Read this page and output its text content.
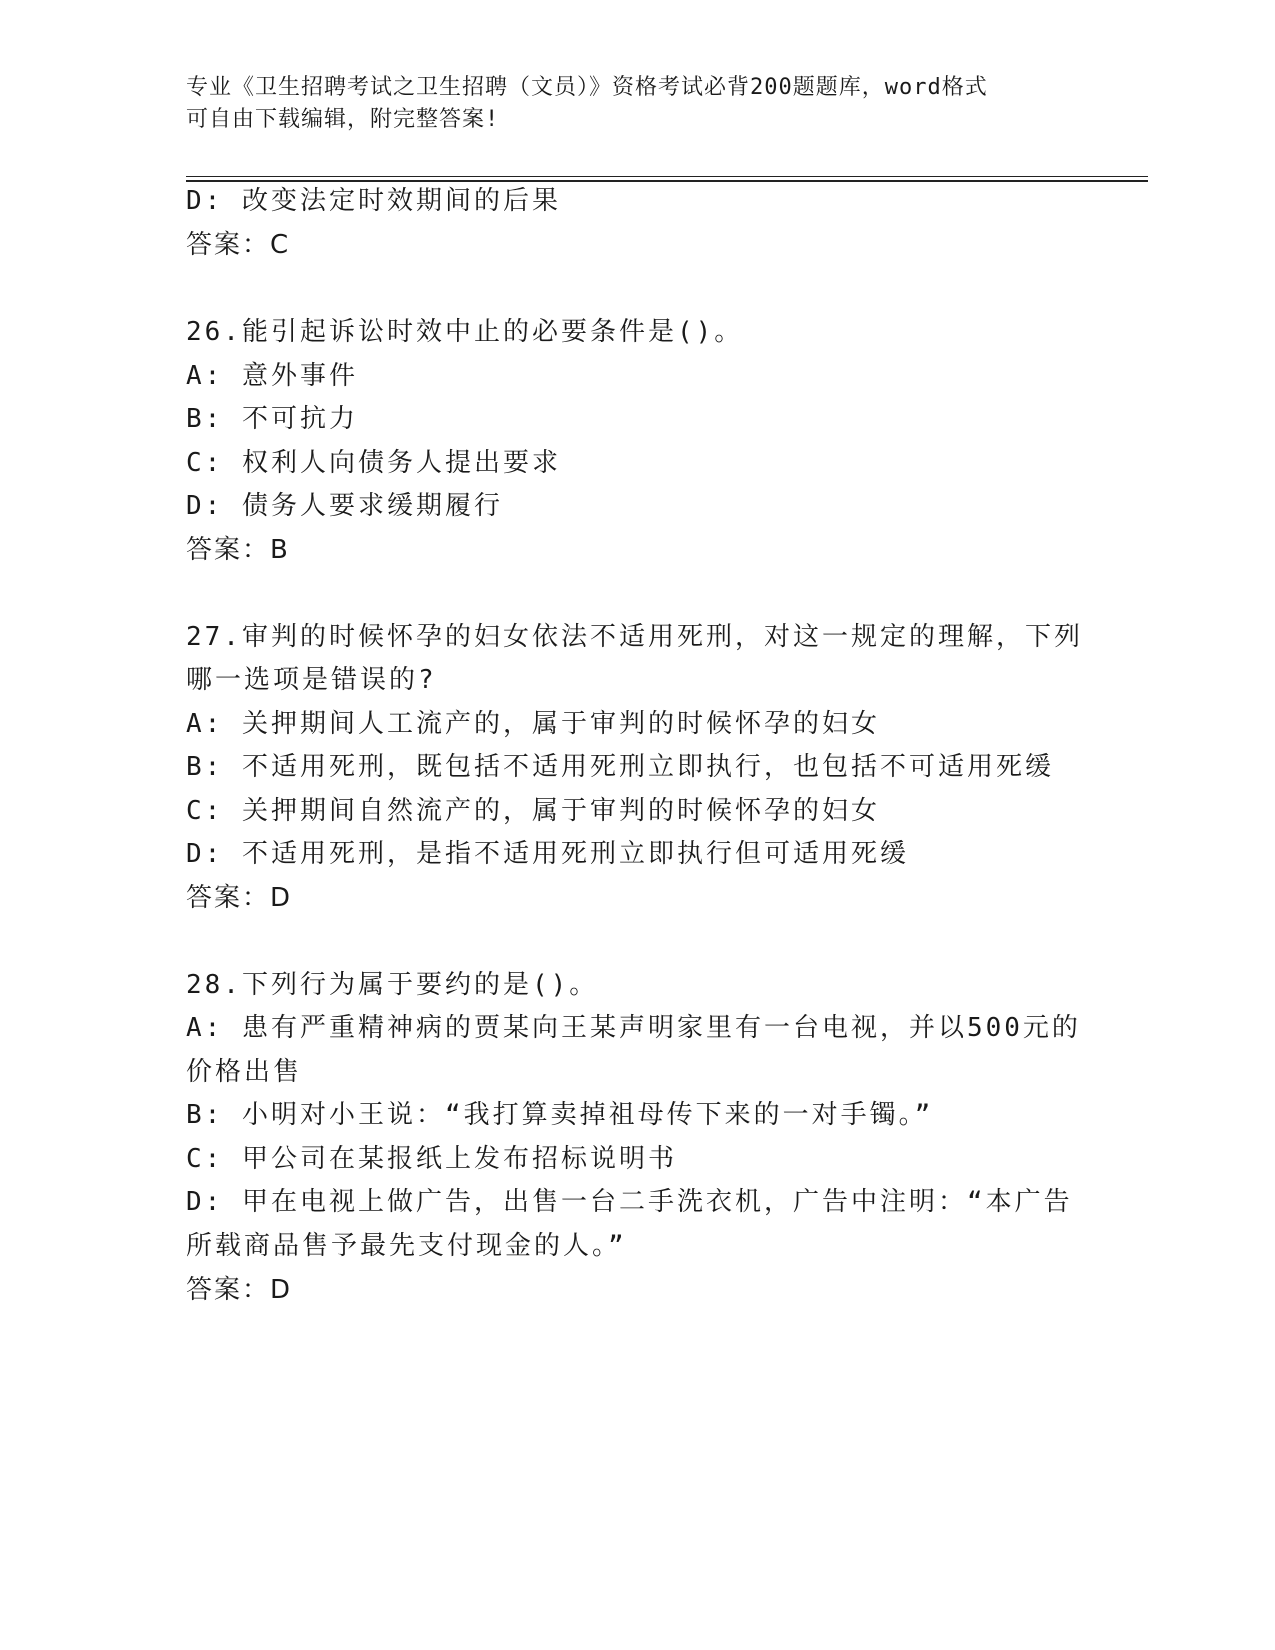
专业《卫生招聘考试之卫生招聘（文员）》资格考试必背200题题库，word格式
可自由下载编辑，附完整答案!
D: 改变法定时效期间的后果
答案：C
26.能引起诉讼时效中止的必要条件是()。
A: 意外事件
B: 不可抗力
C: 权利人向债务人提出要求
D: 债务人要求缓期履行
答案：B
27.审判的时候怀孕的妇女依法不适用死刑，对这一规定的理解，下列
哪一选项是错误的?
A: 关押期间人工流产的，属于审判的时候怀孕的妇女
B: 不适用死刑，既包括不适用死刑立即执行，也包括不可适用死缓
C: 关押期间自然流产的，属于审判的时候怀孕的妇女
D: 不适用死刑，是指不适用死刑立即执行但可适用死缓
答案：D
28.下列行为属于要约的是()。
A: 患有严重精神病的贾某向王某声明家里有一台电视，并以500元的
价格出售
B: 小明对小王说：“我打算卖掉祖母传下来的一对手镯。”
C: 甲公司在某报纸上发布招标说明书
D: 甲在电视上做广告，出售一台二手洗衣机，广告中注明：“本广告
所载商品售予最先支付现金的人。”
答案：D
